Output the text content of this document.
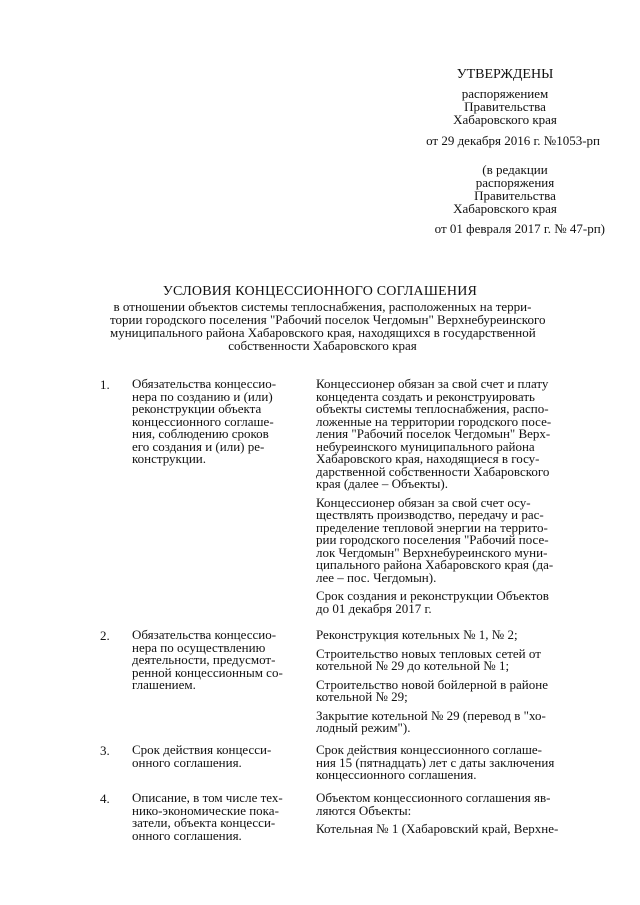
УТВЕРЖДЕНЫ
распоряжением
Правительства
Хабаровского края
от 29 декабря 2016 г. №1053-рп
(в редакции
распоряжения
Правительства
Хабаровского края
от 01 февраля 2017 г. № 47-рп)
УСЛОВИЯ КОНЦЕССИОННОГО СОГЛАШЕНИЯ
в отношении объектов системы теплоснабжения, расположенных на терри-
тории городского поселения "Рабочий поселок Чегдомын" Верхнебуреинского
муниципального района Хабаровского края, находящихся в государственной
собственности Хабаровского края
1. Обязательства концессио-
нера по созданию и (или)
реконструкции объекта
концессионного соглаше-
ния, соблюдению сроков
его создания и (или) ре-
конструкции.
Концессионер обязан за свой счет и плату
концедента создать и реконструировать
объекты системы теплоснабжения, распо-
ложенные на территории городского посе-
ления "Рабочий поселок Чегдомын" Верх-
небуреинского муниципального района
Хабаровского края, находящиеся в госу-
дарственной собственности Хабаровского
края (далее – Объекты).
Концессионер обязан за свой счет осу-
ществлять производство, передачу и рас-
пределение тепловой энергии на террито-
рии городского поселения "Рабочий посе-
лок Чегдомын" Верхнебуреинского муни-
ципального района Хабаровского края (да-
лее – пос. Чегдомын).
Срок создания и реконструкции Объектов
до 01 декабря 2017 г.
2. Обязательства концессио-
нера по осуществлению
деятельности, предусмот-
ренной концессионным со-
глашением.
Реконструкция котельных № 1, № 2;
Строительство новых тепловых сетей от
котельной № 29 до котельной № 1;
Строительство новой бойлерной в районе
котельной № 29;
Закрытие котельной № 29 (перевод в "хо-
лодный режим").
3. Срок действия концесси-
онного соглашения.
Срок действия концессионного соглаше-
ния 15 (пятнадцать) лет с даты заключения
концессионного соглашения.
4. Описание, в том числе тех-
нико-экономические пока-
затели, объекта концесси-
онного соглашения.
Объектом концессионного соглашения яв-
ляются Объекты:
Котельная № 1 (Хабаровский край, Верхне-
